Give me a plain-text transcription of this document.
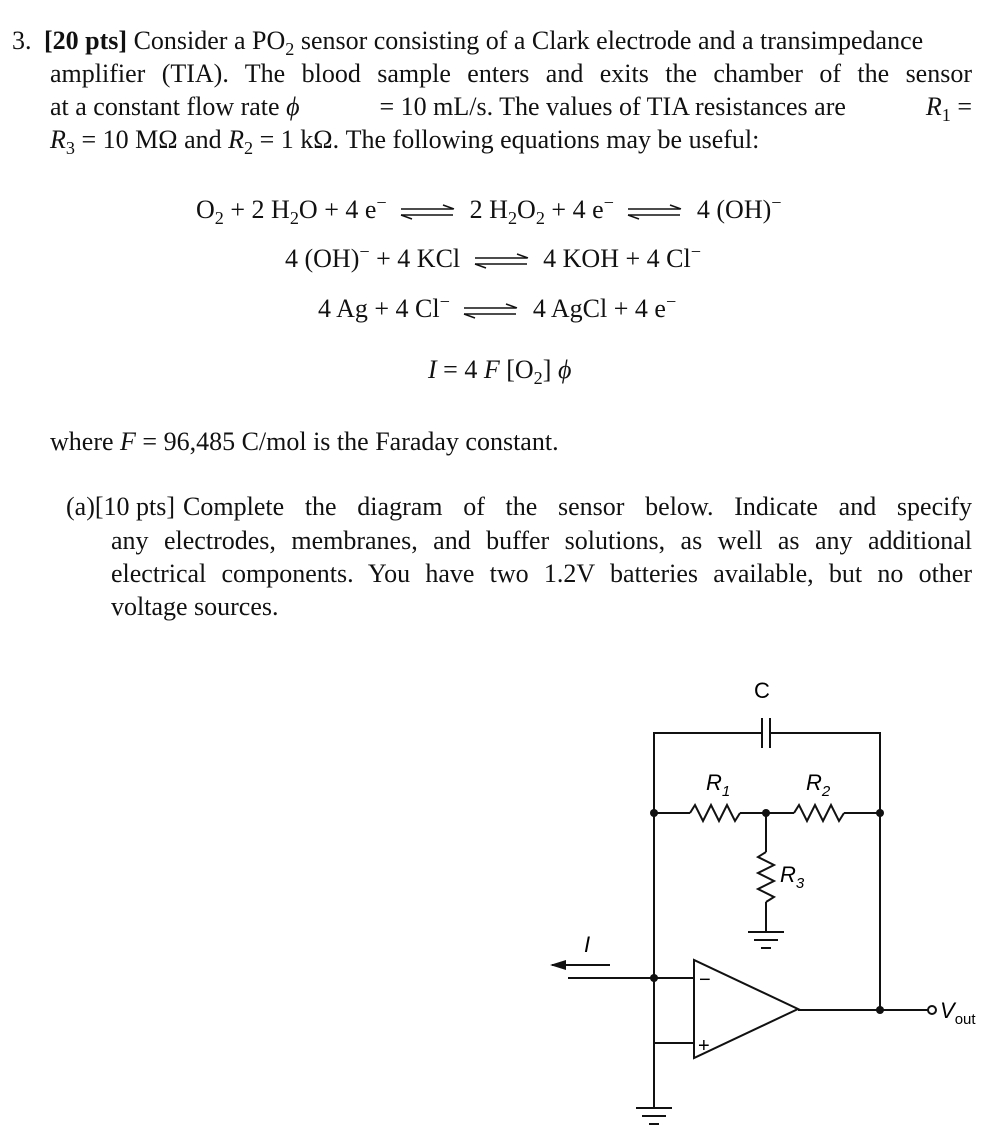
3. [20 pts] Consider a $PO_2$ sensor consisting of a Clark electrode and a transimpedance
amplifier (TIA). The blood sample enters and exits the chamber of the sensor
at a constant flow rate ϕ	= 10 mL/s. The values of TIA resistances are	$R_1$ =
$R_3 = 10$ MΩ and $R_2 = 1$ kΩ. The following equations may be useful:
$O_2 + 2$ $H_2O + 4$ e− ⇌ 2 $H_2O_2 + 4$ e− ⇌ 4 (OH)−
4 (OH)− + 4 KCl ⇌ 4 KOH + 4 Cl−
4 Ag + 4 Cl− ⇌ 4 AgCl + 4 e−
I = 4 F $[O_2]$ ϕ
where F = 96,485 C/mol is the Faraday constant.
(a) [10 pts] Complete the diagram of the sensor below. Indicate and specify
any electrodes, membranes, and buffer solutions, as well as any additional
electrical components. You have two 1.2V batteries available, but no other
voltage sources.
C
$R_1$	$R_2$
$R_3$
I
−
+
$V_{out}$
